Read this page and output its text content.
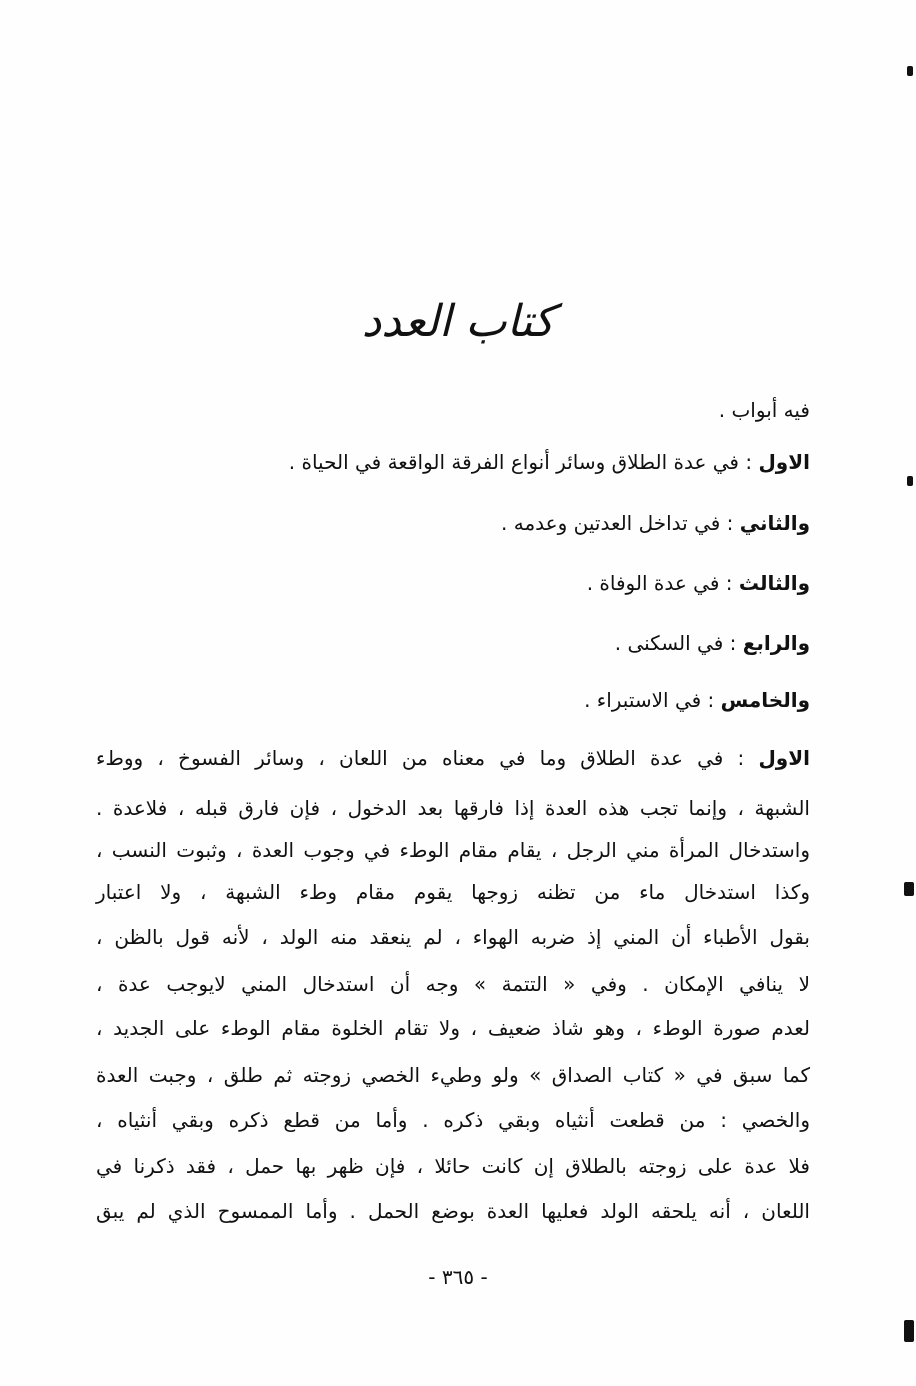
كتاب العدد
فيه أبواب .
الاول : في عدة الطلاق وسائر أنواع الفرقة الواقعة في الحياة .
والثاني : في تداخل العدتين وعدمه .
والثالث : في عدة الوفاة .
والرابع : في السكنى .
والخامس : في الاستبراء .
الاول : في عدة الطلاق وما في معناه من اللعان ، وسائر الفسوخ ، ووطء
الشبهة ، وإنما تجب هذه العدة إذا فارقها بعد الدخول ، فإن فارق قبله ، فلاعدة .
واستدخال المرأة مني الرجل ، يقام مقام الوطء في وجوب العدة ، وثبوت النسب ،
وكذا استدخال ماء من تظنه زوجها يقوم مقام وطء الشبهة ، ولا اعتبار
بقول الأطباء أن المني إذ ضربه الهواء ، لم ينعقد منه الولد ، لأنه قول بالظن ،
لا ينافي الإمكان . وفي « التتمة » وجه أن استدخال المني لايوجب عدة ،
لعدم صورة الوطء ، وهو شاذ ضعيف ، ولا تقام الخلوة مقام الوطء على الجديد ،
كما سبق في « كتاب الصداق » ولو وطيء الخصي زوجته ثم طلق ، وجبت العدة
والخصي : من قطعت أنثياه وبقي ذكره . وأما من قطع ذكره وبقي أنثياه ،
فلا عدة على زوجته بالطلاق إن كانت حائلا ، فإن ظهر بها حمل ، فقد ذكرنا في
اللعان ، أنه يلحقه الولد فعليها العدة بوضع الحمل . وأما الممسوح الذي لم يبق
- ٣٦٥ -
